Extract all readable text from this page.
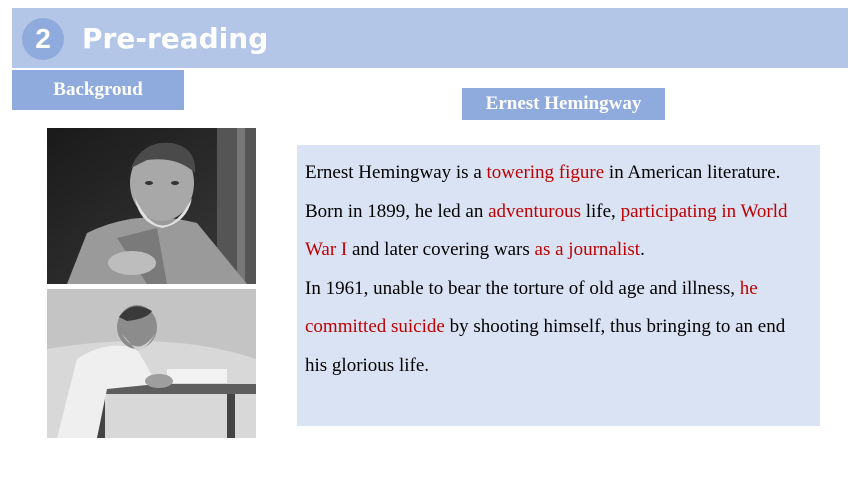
2	Pre-reading
Backgroud
Ernest Hemingway

Ernest Hemingway is a towering figure in American literature.
Born in 1899, he led an adventurous life, participating in World War I and later covering wars as a journalist.
In 1961, unable to bear the torture of old age and illness, he committed suicide by shooting himself, thus bringing to an end his glorious life.
